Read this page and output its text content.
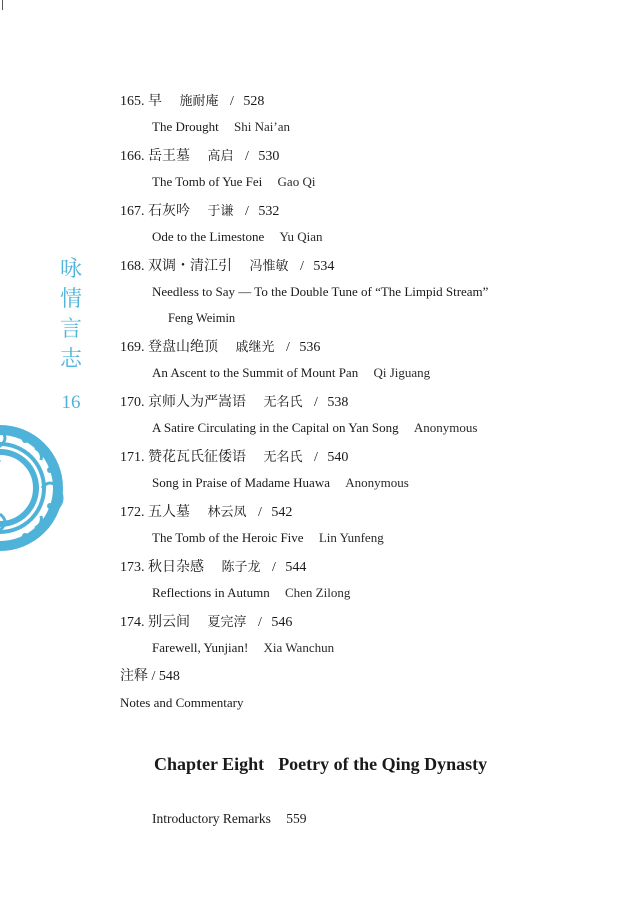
咏
情
言
志
16
165. 早 施耐庵 / 528
The Drought Shi Nai’an
166. 岳王墓 高启 / 530
The Tomb of Yue Fei Gao Qi
167. 石灰吟 于谦 / 532
Ode to the Limestone Yu Qian
168. 双调・清江引 冯惟敏 / 534
Needless to Say — To the Double Tune of “The Limpid Stream”
Feng Weimin
169. 登盘山绝顶 戚继光 / 536
An Ascent to the Summit of Mount Pan Qi Jiguang
170. 京师人为严嵩语 无名氏 / 538
A Satire Circulating in the Capital on Yan Song Anonymous
171. 赞花瓦氏征倭语 无名氏 / 540
Song in Praise of Madame Huawa Anonymous
172. 五人墓 林云凤 / 542
The Tomb of the Heroic Five Lin Yunfeng
173. 秋日杂感 陈子龙 / 544
Reflections in Autumn Chen Zilong
174. 别云间 夏完淳 / 546
Farewell, Yunjian! Xia Wanchun
注释 / 548
Notes and Commentary
Chapter Eight Poetry of the Qing Dynasty
Introductory Remarks 559
